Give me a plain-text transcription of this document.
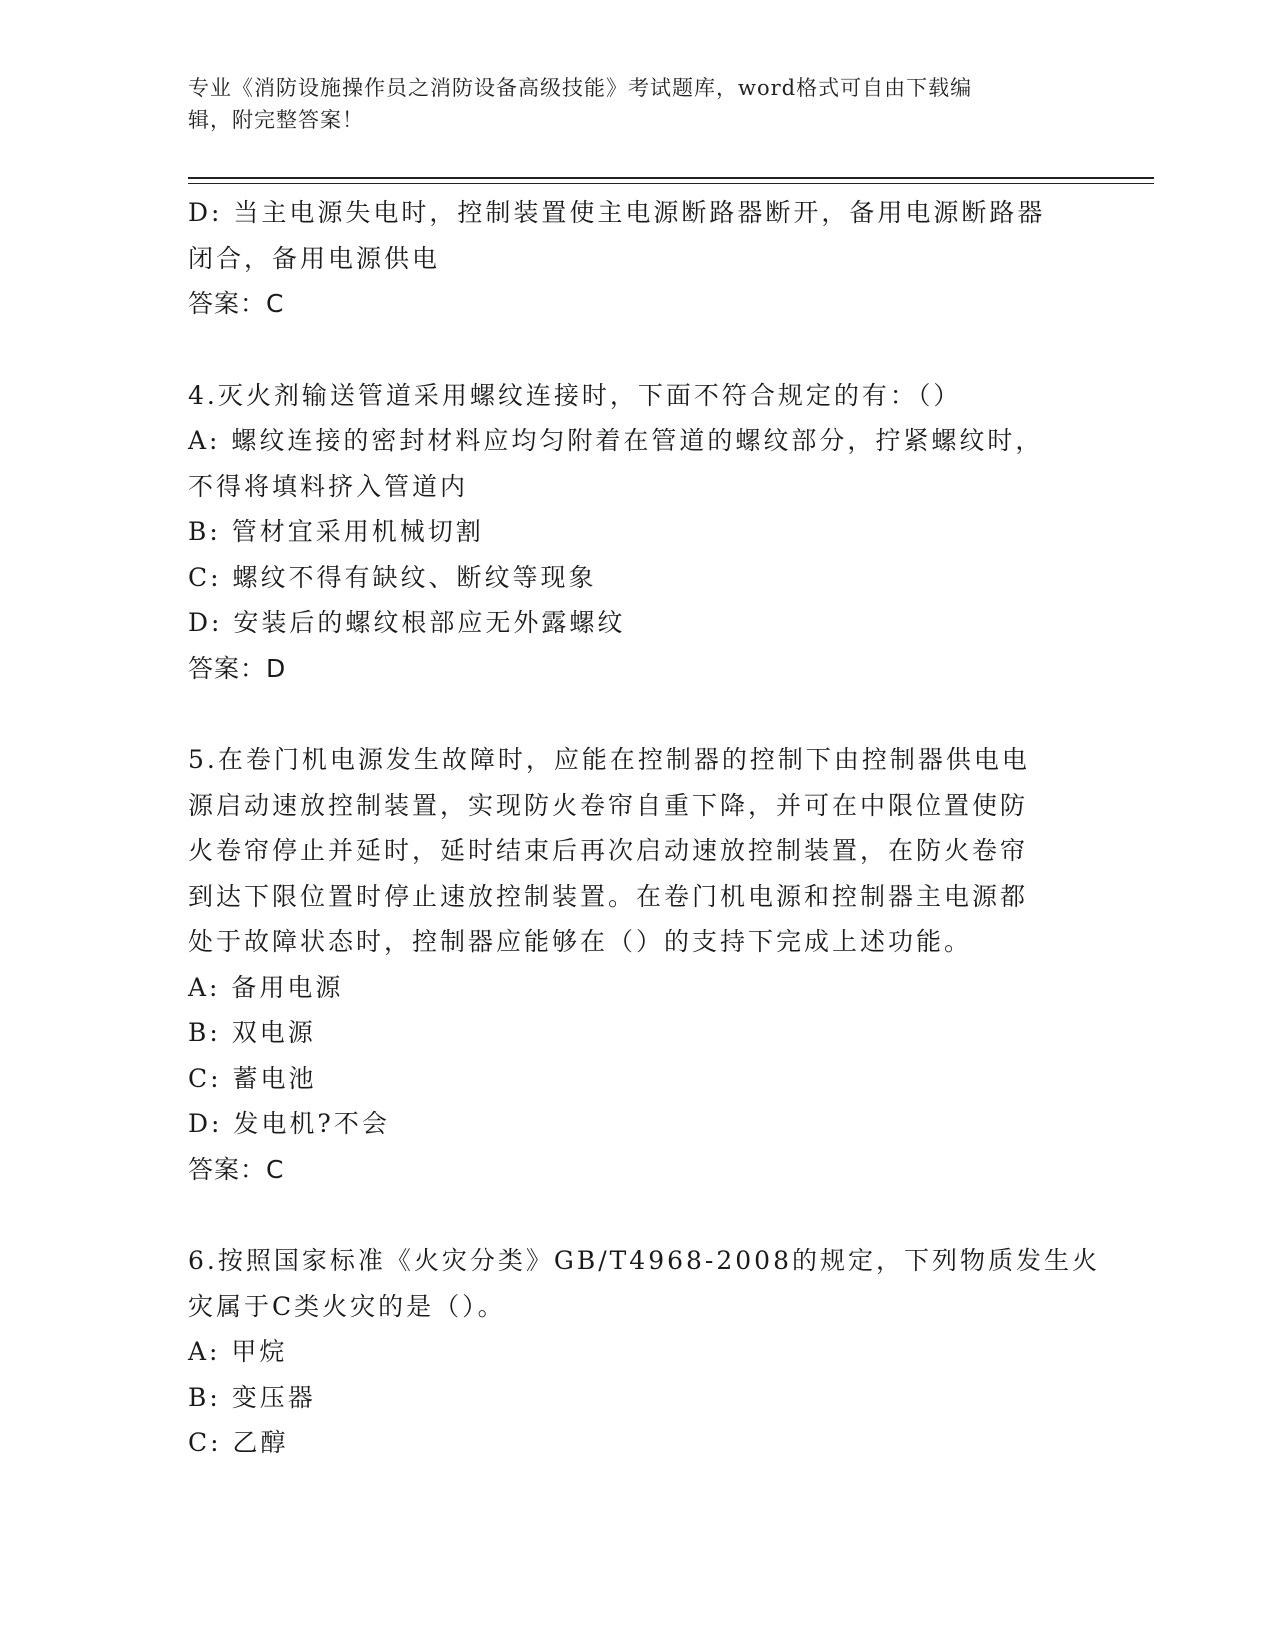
专业《消防设施操作员之消防设备高级技能》考试题库，word格式可自由下载编
辑，附完整答案！
D: 当主电源失电时，控制装置使主电源断路器断开，备用电源断路器
闭合，备用电源供电
答案：C
4.灭火剂输送管道采用螺纹连接时，下面不符合规定的有：（）
A: 螺纹连接的密封材料应均匀附着在管道的螺纹部分，拧紧螺纹时，
不得将填料挤入管道内
B: 管材宜采用机械切割
C: 螺纹不得有缺纹、断纹等现象
D: 安装后的螺纹根部应无外露螺纹
答案：D
5.在卷门机电源发生故障时，应能在控制器的控制下由控制器供电电
源启动速放控制装置，实现防火卷帘自重下降，并可在中限位置使防
火卷帘停止并延时，延时结束后再次启动速放控制装置，在防火卷帘
到达下限位置时停止速放控制装置。在卷门机电源和控制器主电源都
处于故障状态时，控制器应能够在（）的支持下完成上述功能。
A: 备用电源
B: 双电源
C: 蓄电池
D: 发电机?不会
答案：C
6.按照国家标准《火灾分类》GB/T4968-2008的规定，下列物质发生火
灾属于C类火灾的是（）。
A: 甲烷
B: 变压器
C: 乙醇
